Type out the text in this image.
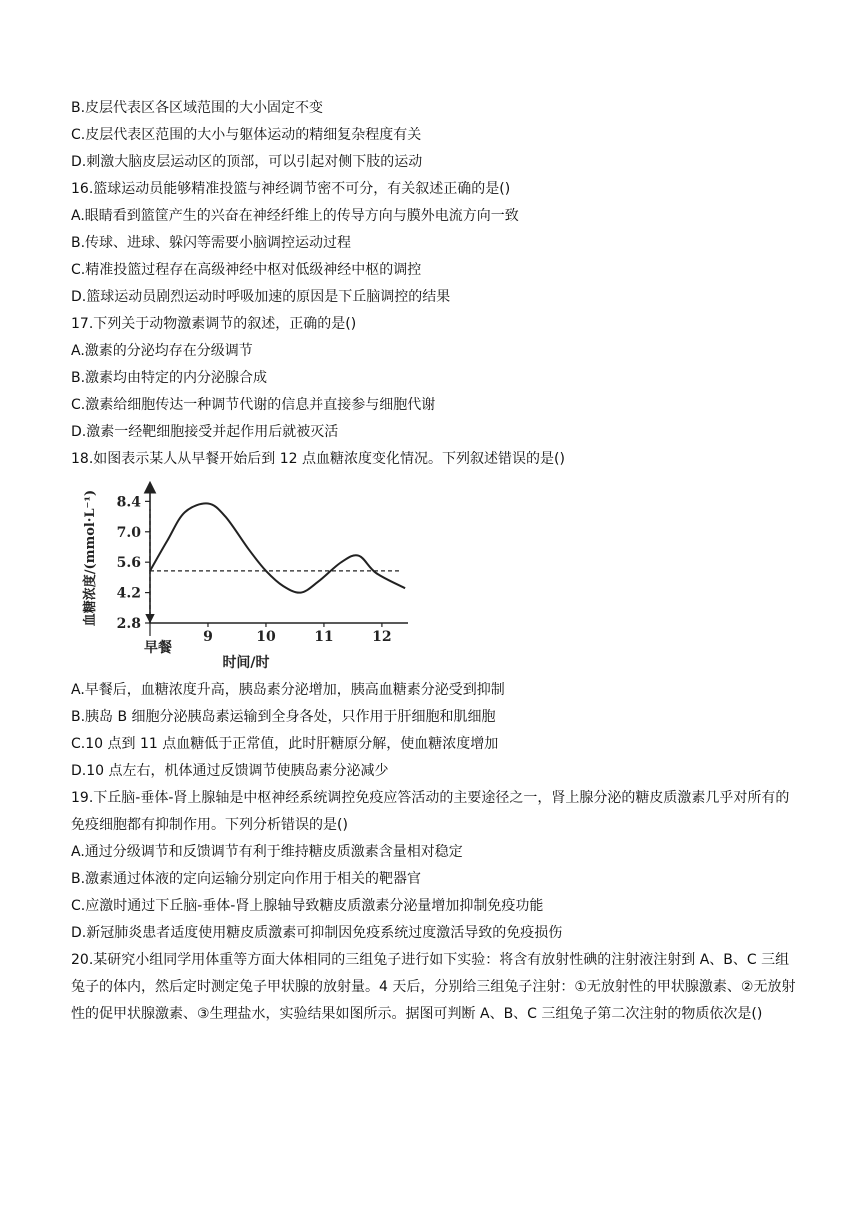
B.皮层代表区各区域范围的大小固定不变
C.皮层代表区范围的大小与躯体运动的精细复杂程度有关
D.刺激大脑皮层运动区的顶部，可以引起对侧下肢的运动
16.篮球运动员能够精准投篮与神经调节密不可分，有关叙述正确的是()
A.眼睛看到篮筐产生的兴奋在神经纤维上的传导方向与膜外电流方向一致
B.传球、进球、躲闪等需要小脑调控运动过程
C.精准投篮过程存在高级神经中枢对低级神经中枢的调控
D.篮球运动员剧烈运动时呼吸加速的原因是下丘脑调控的结果
17.下列关于动物激素调节的叙述，正确的是()
A.激素的分泌均存在分级调节
B.激素均由特定的内分泌腺合成
C.激素给细胞传达一种调节代谢的信息并直接参与细胞代谢
D.激素一经靶细胞接受并起作用后就被灭活
18.如图表示某人从早餐开始后到 12 点血糖浓度变化情况。下列叙述错误的是()
2.8
4.2
5.6
7.0
8.4
9	10	11	12
早餐
时间/时
血糖浓度/(mmol·L⁻¹)
A.早餐后，血糖浓度升高，胰岛素分泌增加，胰高血糖素分泌受到抑制
B.胰岛 B 细胞分泌胰岛素运输到全身各处，只作用于肝细胞和肌细胞
C.10 点到 11 点血糖低于正常值，此时肝糖原分解，使血糖浓度增加
D.10 点左右，机体通过反馈调节使胰岛素分泌减少
19.下丘脑-垂体-肾上腺轴是中枢神经系统调控免疫应答活动的主要途径之一，肾上腺分泌的糖皮质激素几乎对所有的免疫细胞都有抑制作用。下列分析错误的是()
A.通过分级调节和反馈调节有利于维持糖皮质激素含量相对稳定
B.激素通过体液的定向运输分别定向作用于相关的靶器官
C.应激时通过下丘脑-垂体-肾上腺轴导致糖皮质激素分泌量增加抑制免疫功能
D.新冠肺炎患者适度使用糖皮质激素可抑制因免疫系统过度激活导致的免疫损伤
20.某研究小组同学用体重等方面大体相同的三组兔子进行如下实验：将含有放射性碘的注射液注射到 A、B、C 三组兔子的体内，然后定时测定兔子甲状腺的放射量。4 天后，分别给三组兔子注射：①无放射性的甲状腺激素、②无放射性的促甲状腺激素、③生理盐水，实验结果如图所示。据图可判断 A、B、C 三组兔子第二次注射的物质依次是()
